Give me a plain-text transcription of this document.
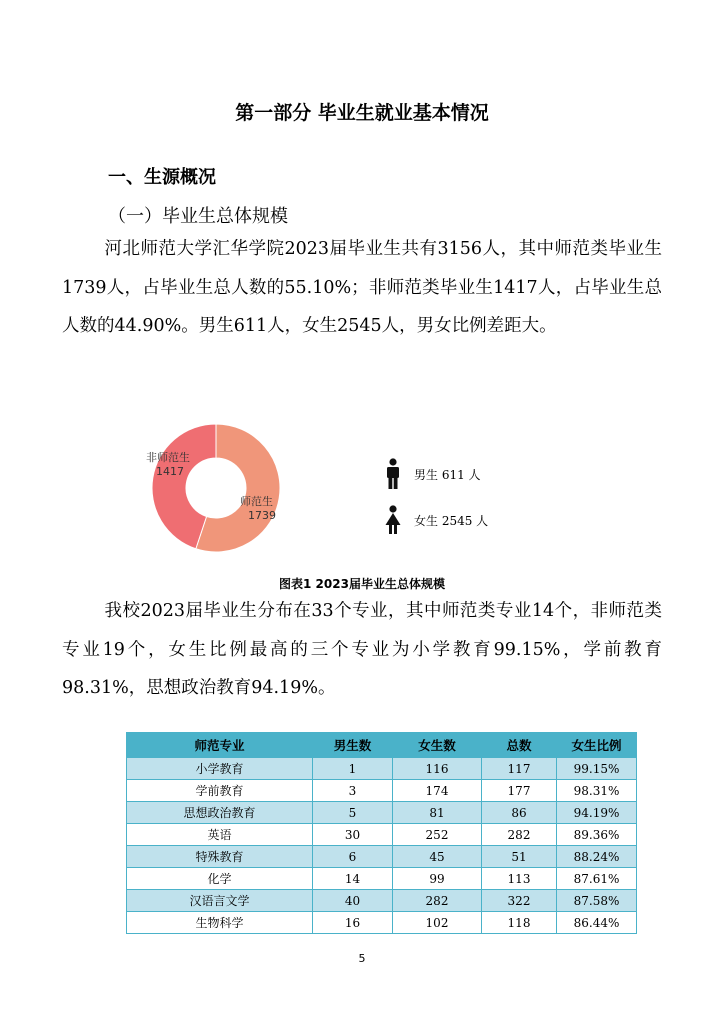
第一部分 毕业生就业基本情况
一、生源概况
（一）毕业生总体规模
河北师范大学汇华学院2023届毕业生共有3156人，其中师范类毕业生1739人，占毕业生总人数的55.10%；非师范类毕业生1417人，占毕业生总人数的44.90%。男生611人，女生2545人，男女比例差距大。
非师范生
1417
师范生
1739
男生 611 人
女生 2545 人
图表1 2023届毕业生总体规模
我校2023届毕业生分布在33个专业，其中师范类专业14个，非师范类专业19个，女生比例最高的三个专业为小学教育99.15%，学前教育98.31%，思想政治教育94.19%。
师范专业	男生数	女生数	总数	女生比例
小学教育	1	116	117	99.15%
学前教育	3	174	177	98.31%
思想政治教育	5	81	86	94.19%
英语	30	252	282	89.36%
特殊教育	6	45	51	88.24%
化学	14	99	113	87.61%
汉语言文学	40	282	322	87.58%
生物科学	16	102	118	86.44%
5
